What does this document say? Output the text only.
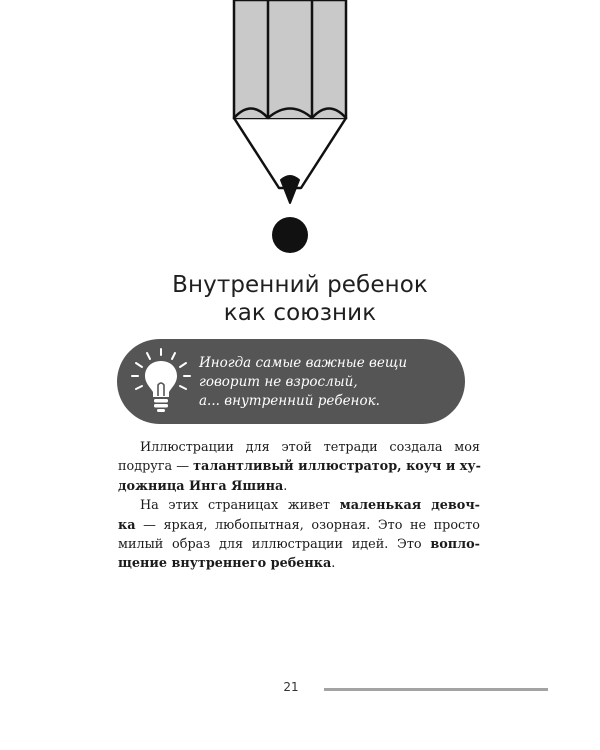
Внутренний ребенок
как союзник
Иногда самые важные вещи
говорит не взрослый,
а... внутренний ребенок.

Иллюстрации для этой тетради создала моя
подруга — талантливый иллюстратор, коуч и ху-
дожница Инга Яшина.

На этих страницах живет маленькая девоч-
ка — яркая, любопытная, озорная. Это не просто
милый образ для иллюстрации идей. Это вопло-
щение внутреннего ребенка.

21
